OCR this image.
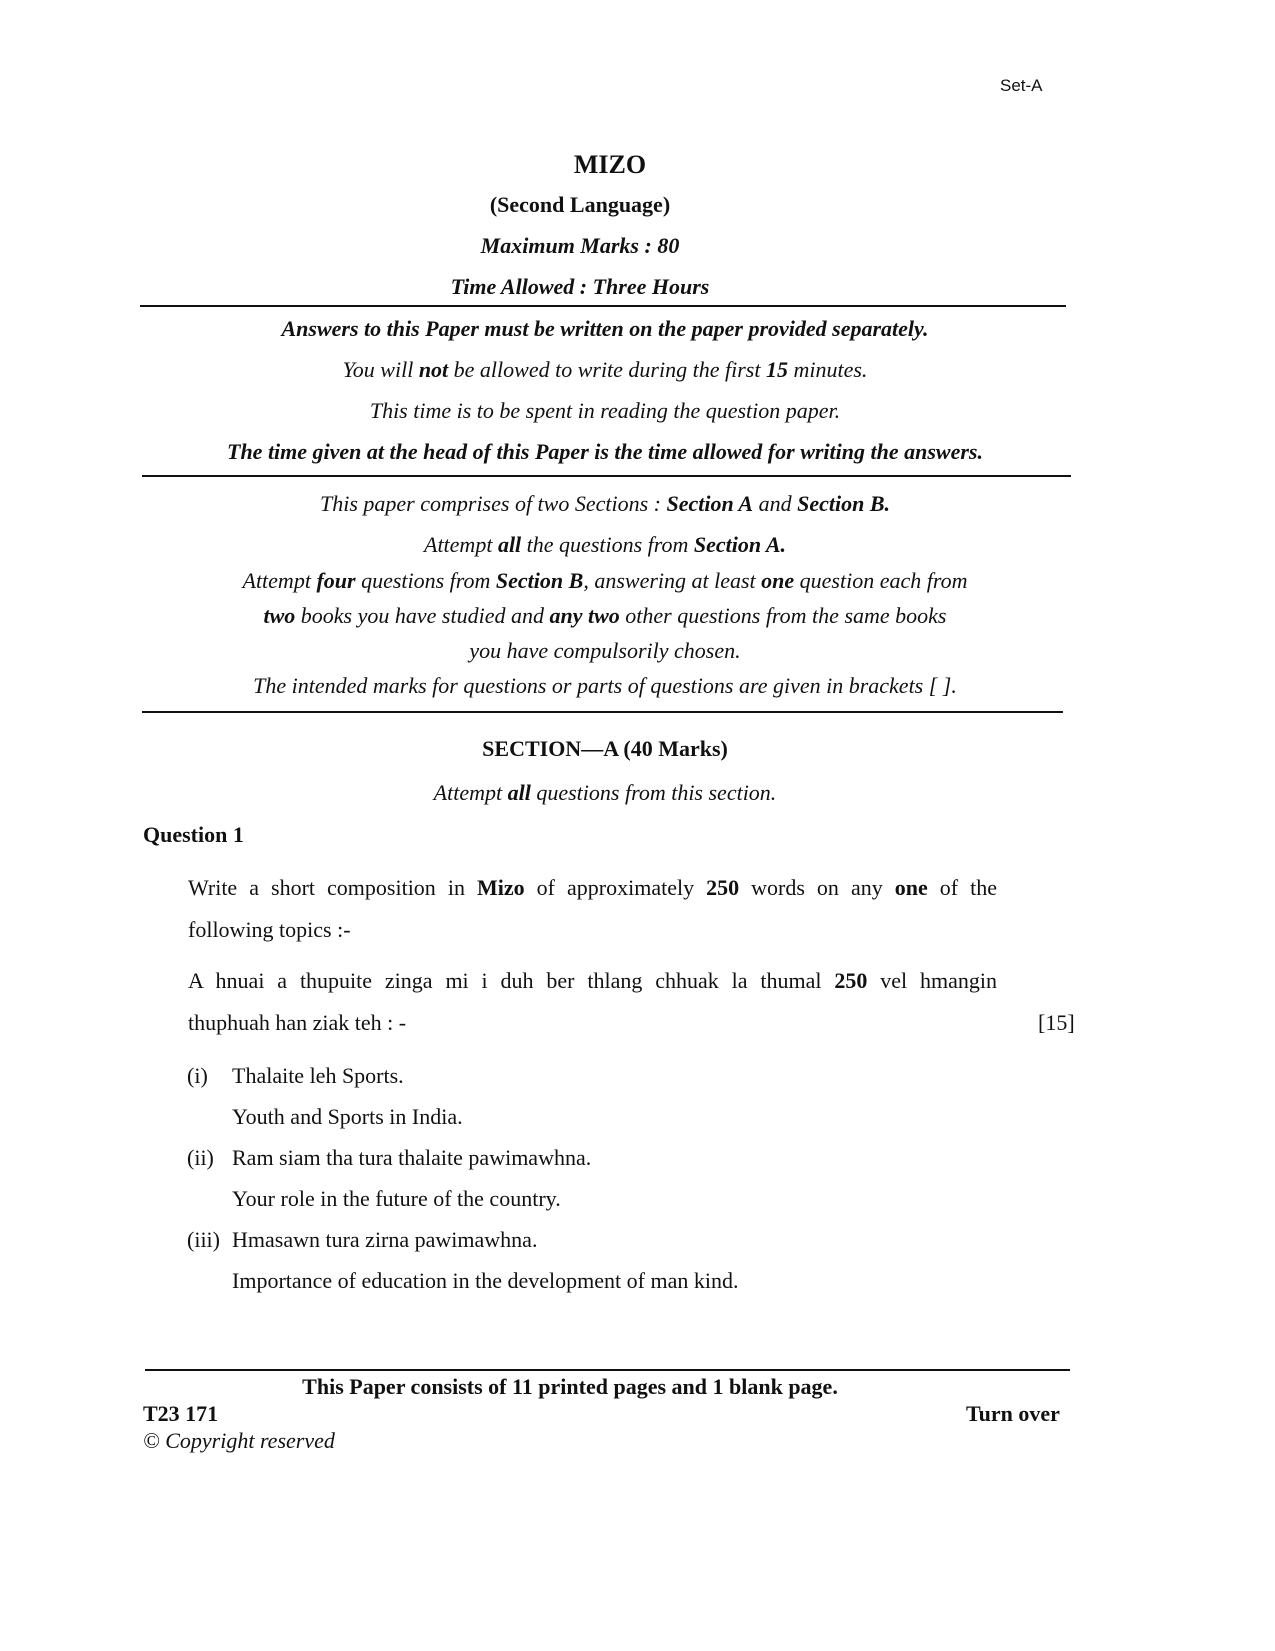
Set-A
MIZO
(Second Language)
Maximum Marks : 80
Time Allowed : Three Hours
Answers to this Paper must be written on the paper provided separately.
You will not be allowed to write during the first 15 minutes.
This time is to be spent in reading the question paper.
The time given at the head of this Paper is the time allowed for writing the answers.
This paper comprises of two Sections : Section A and Section B.
Attempt all the questions from Section A.
Attempt four questions from Section B, answering at least one question each from
two books you have studied and any two other questions from the same books
you have compulsorily chosen.
The intended marks for questions or parts of questions are given in brackets [ ].
SECTION—A (40 Marks)
Attempt all questions from this section.
Question 1
Write a short composition in Mizo of approximately 250 words on any one of the
following topics :-
A hnuai a thupuite zinga mi i duh ber thlang chhuak la thumal 250 vel hmangin
thuphuah han ziak teh : -	[15]
(i) Thalaite leh Sports.
Youth and Sports in India.
(ii) Ram siam tha tura thalaite pawimawhna.
Your role in the future of the country.
(iii) Hmasawn tura zirna pawimawhna.
Importance of education in the development of man kind.
This Paper consists of 11 printed pages and 1 blank page.
T23 171	Turn over
© Copyright reserved
